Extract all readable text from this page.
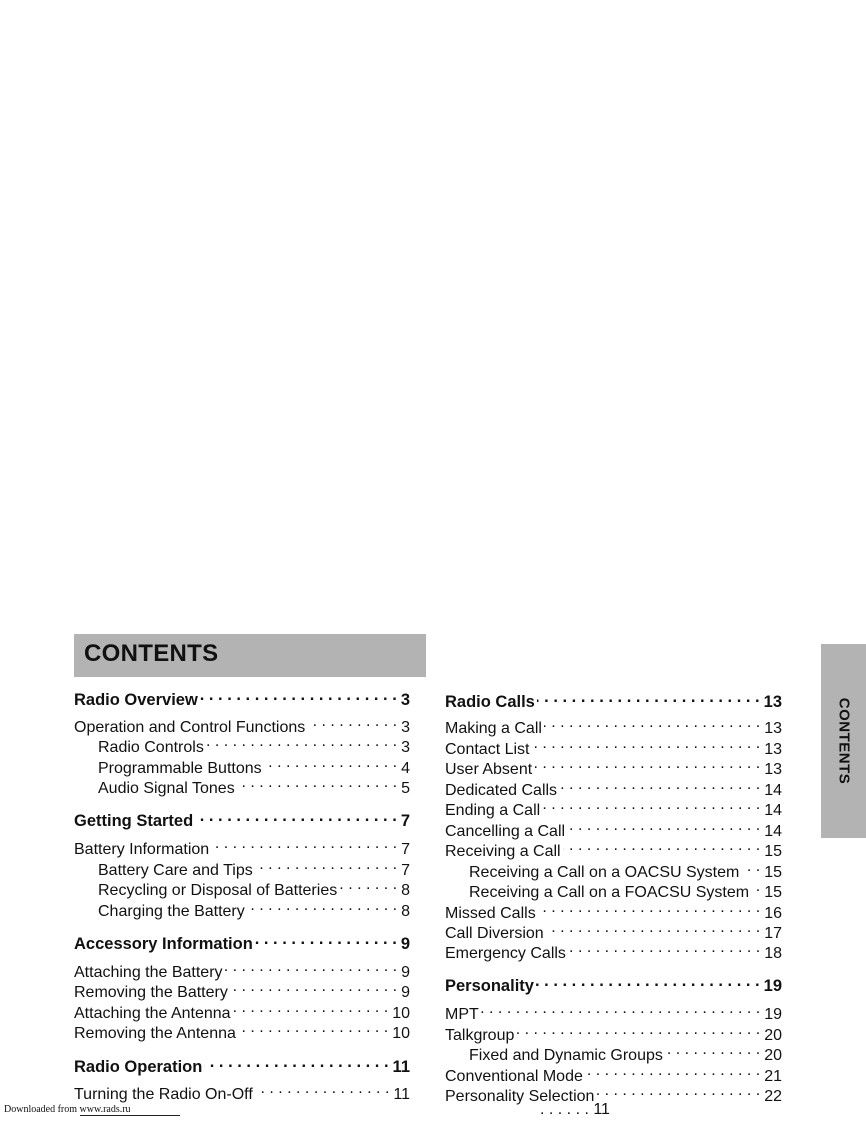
CONTENTS
CONTENTS
Radio Overview . . .	3
Operation and Control Functions . . .	3
Radio Controls . . .	3
Programmable Buttons . . .	4
Audio Signal Tones . . .	5
Getting Started . . .	7
Battery Information . . .	7
Battery Care and Tips . . .	7
Recycling or Disposal of Batteries . . .	8
Charging the Battery . . .	8
Accessory Information . . .	9
Attaching the Battery . . .	9
Removing the Battery . . .	9
Attaching the Antenna . . .	10
Removing the Antenna . . .	10
Radio Operation . . .	11
Turning the Radio On-Off . . .	11
Radio Calls . . .	13
Making a Call . . .	13
Contact List . . .	13
User Absent . . .	13
Dedicated Calls . . .	14
Ending a Call . . .	14
Cancelling a Call . . .	14
Receiving a Call . . .	15
Receiving a Call on a OACSU System . . . 15
Receiving a Call on a FOACSU System . . . 15
Missed Calls . . .	16
Call Diversion . . .	17
Emergency Calls . . .	18
Personality . . .	19
MPT . . .	19
Talkgroup . . .	20
Fixed and Dynamic Groups . . .	20
Conventional Mode . . .	21
Personality Selection . . .	22
. . . . . . 11
Downloaded from www.rads.ru
